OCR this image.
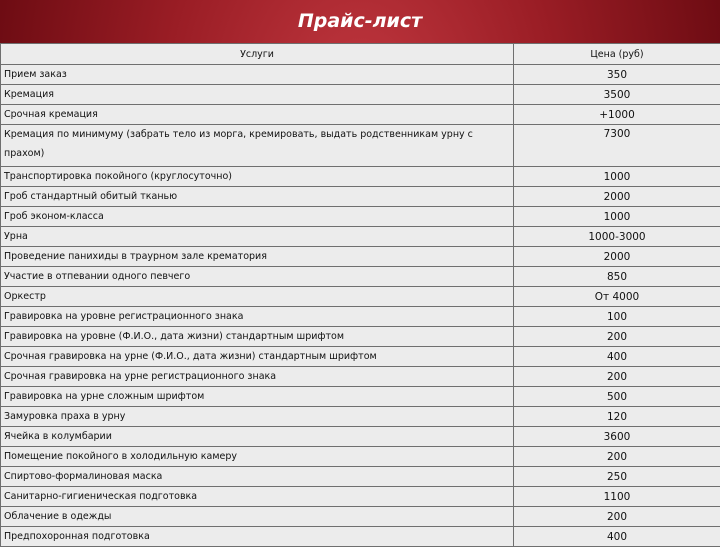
Прайс-лист
Услуги	Цена (руб)
Прием заказ	350
Кремация	3500
Срочная кремация	+1000
Кремация по минимуму (забрать тело из морга, кремировать, выдать родственникам урну с прахом)	7300
Транспортировка покойного (круглосуточно)	1000
Гроб стандартный обитый тканью	2000
Гроб эконом-класса	1000
Урна	1000-3000
Проведение панихиды в траурном зале крематория	2000
Участие в отпевании одного певчего	850
Оркестр	От 4000
Гравировка на уровне регистрационного знака	100
Гравировка на уровне (Ф.И.О., дата жизни) стандартным шрифтом	200
Срочная гравировка на урне (Ф.И.О., дата жизни) стандартным шрифтом	400
Срочная гравировка на урне регистрационного знака	200
Гравировка на урне сложным шрифтом	500
Замуровка праха в урну	120
Ячейка в колумбарии	3600
Помещение покойного в холодильную камеру	200
Спиртово-формалиновая маска	250
Санитарно-гигиеническая подготовка	1100
Облачение в одежды	200
Предпохоронная подготовка	400
